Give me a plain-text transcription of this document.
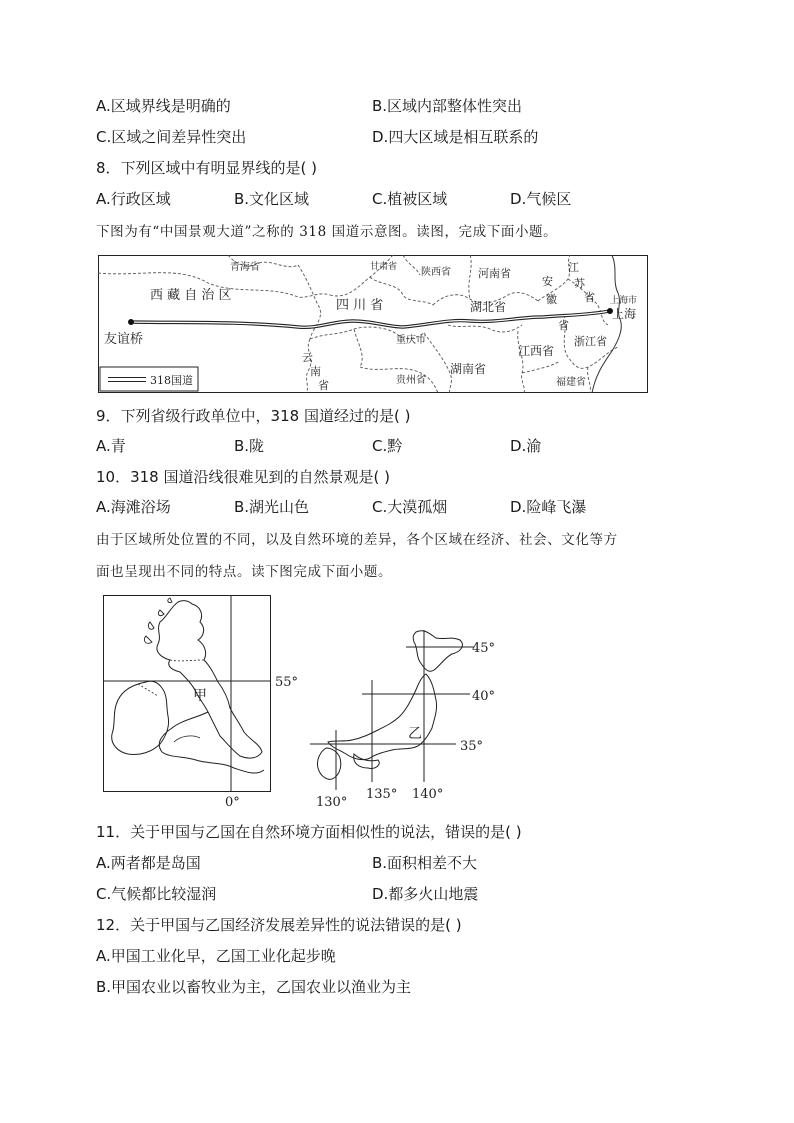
A.区域界线是明确的	B.区域内部整体性突出
C.区域之间差异性突出	D.四大区域是相互联系的
8．下列区域中有明显界线的是( )
A.行政区域	B.文化区域	C.植被区域	D.气候区
下图为有“中国景观大道”之称的 318 国道示意图。读图，完成下面小题。
青海省	甘肃省 陕西省 河南省	江
苏
省
安
徽
省
上海市
上海
西 藏 自 治 区
四 川 省	湖北省
友谊桥	重庆市
云
南
省
江西省
浙江省
湖南省
贵州省	福建省
318国道
9．下列省级行政单位中，318 国道经过的是( )
A.青	B.陇	C.黔	D.渝
10．318 国道沿线很难见到的自然景观是( )
A.海滩浴场	B.湖光山色	C.大漠孤烟	D.险峰飞瀑
由于区域所处位置的不同，以及自然环境的差异，各个区域在经济、社会、文化等方
面也呈现出不同的特点。读下图完成下面小题。
甲
55°
0°
乙
45°
40°
35°
130°
135° 140°
11．关于甲国与乙国在自然环境方面相似性的说法，错误的是( )
A.两者都是岛国	B.面积相差不大
C.气候都比较湿润	D.都多火山地震
12．关于甲国与乙国经济发展差异性的说法错误的是( )
A.甲国工业化早，乙国工业化起步晚
B.甲国农业以畜牧业为主，乙国农业以渔业为主
